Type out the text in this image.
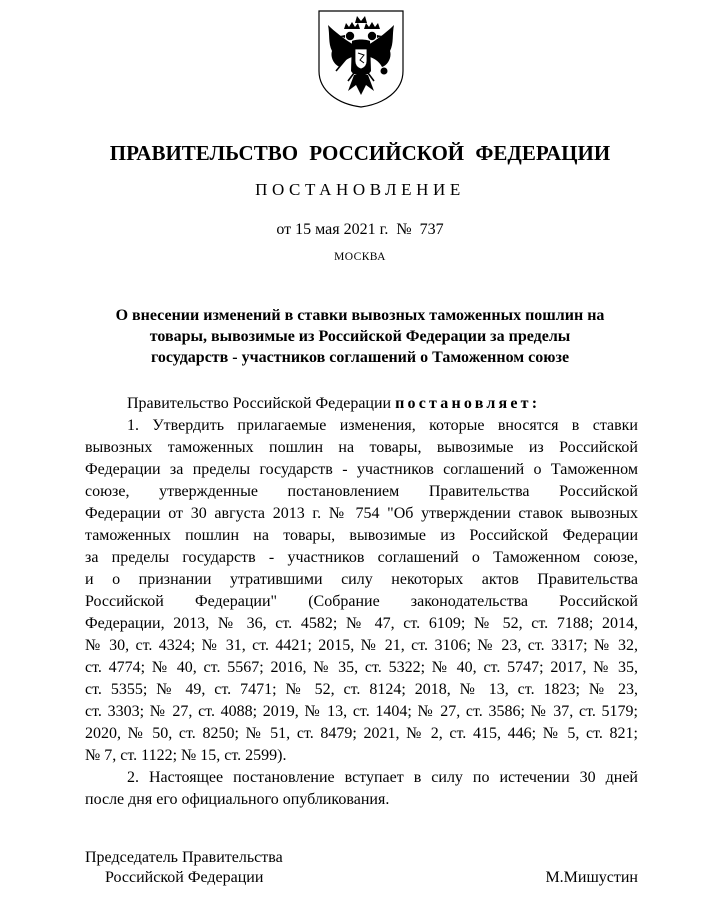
ПРАВИТЕЛЬСТВО РОССИЙСКОЙ ФЕДЕРАЦИИ
ПОСТАНОВЛЕНИЕ
от 15 мая 2021 г.  №  737
МОСКВА
О внесении изменений в ставки вывозных таможенных пошлин на
товары, вывозимые из Российской Федерации за пределы
государств - участников соглашений о Таможенном союзе
Правительство Российской Федерации постановляет:
1. Утвердить прилагаемые изменения, которые вносятся в ставки
вывозных таможенных пошлин на товары, вывозимые из Российской
Федерации за пределы государств - участников соглашений о Таможенном
союзе, утвержденные постановлением Правительства Российской
Федерации от 30 августа 2013 г. № 754 "Об утверждении ставок вывозных
таможенных пошлин на товары, вывозимые из Российской Федерации
за пределы государств - участников соглашений о Таможенном союзе,
и о признании утратившими силу некоторых актов Правительства
Российской Федерации" (Собрание законодательства Российской
Федерации, 2013, № 36, ст. 4582; № 47, ст. 6109; № 52, ст. 7188; 2014,
№ 30, ст. 4324; № 31, ст. 4421; 2015, № 21, ст. 3106; № 23, ст. 3317; № 32,
ст. 4774; № 40, ст. 5567; 2016, № 35, ст. 5322; № 40, ст. 5747; 2017, № 35,
ст. 5355; № 49, ст. 7471; № 52, ст. 8124; 2018, № 13, ст. 1823; № 23,
ст. 3303; № 27, ст. 4088; 2019, № 13, ст. 1404; № 27, ст. 3586; № 37, ст. 5179;
2020, № 50, ст. 8250; № 51, ст. 8479; 2021, № 2, ст. 415, 446; № 5, ст. 821;
№ 7, ст. 1122; № 15, ст. 2599).
2. Настоящее постановление вступает в силу по истечении 30 дней
после дня его официального опубликования.
Председатель Правительства
Российской Федерации	М.Мишустин
